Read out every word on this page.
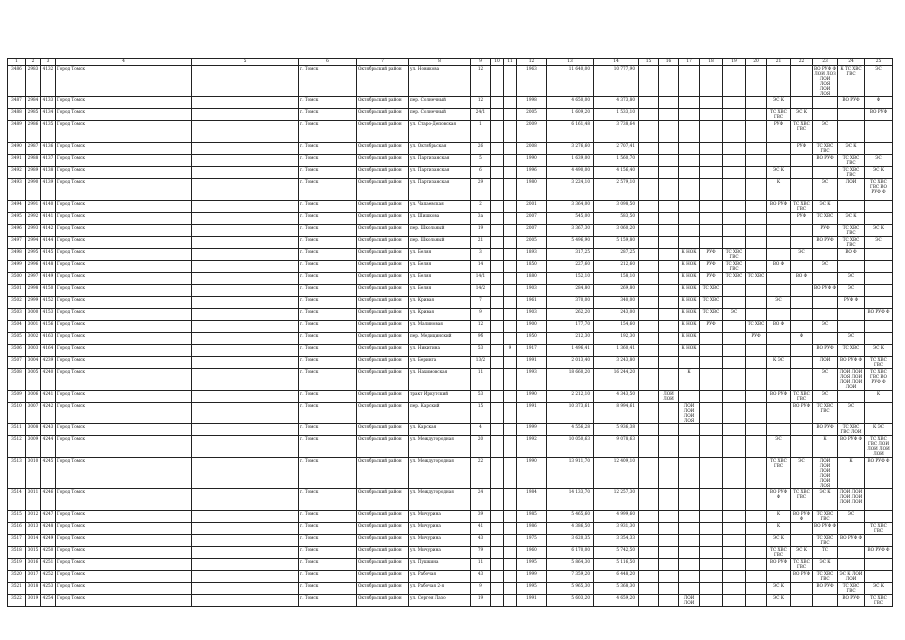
1	2	3	4	5	6	7	8	9	10	11	12	13	14	15	16	17	18	19	20	21	22	23	24	25
3486	2983	4132	Город Томск		г. Томск	Октябрьский район	ул. Новикова	12			1963	11 640,00	10 777,90									ВО РУФ Ф ЛОИ ЛОЗ ЛОИ ЛОЯ ЛОИ ЛОЯ	К ТС ХВС ГВС	ЭС
3487	2984	4133	Город Томск		г. Томск	Октябрьский район	пер. Солнечный	12			1998	4 650,00	4 373,80							ЭС К			ВО РУФ	Ф
3488	2985	4134	Город Томск		г. Томск	Октябрьский район	пер. Солнечный	24/1			2005	1 609,20	1 533,10							ТС ХВС ГВС	ЭС К			ВО РУФ
3489	2986	4135	Город Томск		г. Томск	Октябрьский район	ул. Старо-Деповская	1			2009	6 161,48	3 738,64							РУФ	ТС ХВС ГВС	ЭС		
3490	2987	4136	Город Томск		г. Томск	Октябрьский район	ул. Октябрьская	26			2008	3 276,60	2 707,41								РУФ	ТС ХВС ГВС	ЭС К	
3491	2988	4137	Город Томск		г. Томск	Октябрьский район	ул. Партизанская	5			1990	1 639,00	1 560,70									ВО РУФ	ТС ХВС ГВС	ЭС
3492	2989	4138	Город Томск		г. Томск	Октябрьский район	ул. Партизанская	6			1996	4 490,00	4 156,40							ЭС К			ТС ХВС ГВС	ЭС К
3493	2990	4139	Город Томск		г. Томск	Октябрьский район	ул. Партизанская	29			1980	3 224,10	2 579,10							К		ЭС	ЛОИ	ТС ХВС ГВС ВО РУФ Ф
3494	2991	4140	Город Томск		г. Томск	Октябрьский район	ул. Чапаевская	2			2001	3 364,00	3 098,50							ВО РУФ	ТС ХВС ГВС	ЭС К		
3495	2992	4141	Город Томск		г. Томск	Октябрьский район	ул. Шишкова	3а			2007	545,00	583,50								РУФ	ТС ХВС	ЭС К	
3496	2993	4142	Город Томск		г. Томск	Октябрьский район	пер. Школьный	19			2007	3 367,30	3 060,20									РУФ	ТС ХВС ГВС	ЭС К
3497	2994	4144	Город Томск		г. Томск	Октябрьский район	пер. Школьный	21			2005	5 496,90	5 159,80									ВО РУФ	ТС ХВС ГВС	ЭС
3498	2995	4145	Город Томск		г. Томск	Октябрьский район	ул. Беляя	3			1893	317,25	287,25			К НОК	РУФ	ТС ХВС ГВС			ЭС		ВО Ф	
3499	2996	4148	Город Томск		г. Томск	Октябрьский район	ул. Беляя	14			1850	227,60	212,60			К НОК	РУФ	ТС ХВС ГВС		ВО Ф		ЭС		
3500	2997	4149	Город Томск		г. Томск	Октябрьский район	ул. Беляя	14/1			1880	152,10	158,10			К НОК	РУФ	ТС ХВС	ТС ХВС		ВО Ф		ЭС	
3501	2998	4150	Город Томск		г. Томск	Октябрьский район	ул. Беляя	14/2			1903	284,80	269,80			К НОК	ТС ХВС					ВО РУФ Ф	ЭС	
3502	2999	4152	Город Томск		г. Томск	Октябрьский район	ул. Кривая	7			1961	370,00	340,00			К НОК	ТС ХВС			ЭС			РУФ Ф	
3503	3000	4153	Город Томск		г. Томск	Октябрьский район	ул. Кривая	9			1903	262,20	243,00			К НОК	ТС ХВС	ЭС						ВО РУФ Ф
3504	3001	4156	Город Томск		г. Томск	Октябрьский район	ул. Малиновая	12			1900	177,70	154,60			К НОК	РУФ		ТС ХВС	ВО Ф		ЭС		
3505	3002	4163	Город Томск		г. Томск	Октябрьский район	пер. Медицинский	9б			1950	212,30	192,30			К НОК			РУФ		Ф		ЭС	
3506	3003	4164	Город Томск		г. Томск	Октябрьский район	ул. Никитина	53		9	1917	1 496,41	1 360,41			К НОК						ВО РУФ	ТС ХВС	ЭС К
3507	3004	4239	Город Томск		г. Томск	Октябрьский район	ул. Беринга	13/2			1991	2 013,40	3 243,80							К ЭС		ЛОИ	ВО РУФ Ф	ТС ХВС ГВС
3508	3005	4240	Город Томск		г. Томск	Октябрьский район	ул. Нахимовская	11			1993	18 660,20	16 244,20			К						ЭС	ЛОИ ЛОИ ЛОЯ ЛОИ ЛОИ ЛОИ ЛОИ	ТС ХВС ГВС ВО РУФ Ф
3509	3006	4241	Город Томск		г. Томск	Октябрьский район	тракт Иркутский	53			1990	2 212,10	4 343,50		ЛОИ ЛОИ					ВО РУФ	ТС ХВС ГВС	ЭС		К
3510	3007	4242	Город Томск		г. Томск	Октябрьский район	пер. Карский	15			1991	10 373,61	8 994,61			ЛОИ ЛОИ ЛОИ ЛОЯ					ВО РУФ	ТС ХВС ГВС	ЭС	
3511	3008	4243	Город Томск		г. Томск	Октябрьский район	ул. Карская	4			1999	4 556,28	5 936,38									ВО РУФ	ТС ХВС ГВС ЛОИ	К ЭС
3512	3009	4244	Город Томск		г. Томск	Октябрьский район	ул. Междугородная	20			1992	10 050,63	9 078,63							ЭС		К	ВО РУФ Ф	ТС ХВС ГВС ЛОИ ЛОИ ЛОИ ЛОИ
3513	3010	4245	Город Томск		г. Томск	Октябрьский район	ул. Междугородная	22			1990	13 911,70	12 409,10							ТС ХВС ГВС	ЭС	ЛОИ ЛОИ ЛОИ ЛОИ ЛОИ ЛОЯ	К	ВО РУФ Ф
3514	3011	4246	Город Томск		г. Томск	Октябрьский район	ул. Междугородная	24			1984	14 133,70	12 257,30							ВО РУФ Ф	ТС ХВС ГВС	ЭС К	ЛОИ ЛОИ ЛОИ ЛОИ ЛОИ ЛОИ	
3515	3012	4247	Город Томск		г. Томск	Октябрьский район	ул. Мичурина	39			1985	5 465,60	4 999,60							К	ВО РУФ Ф	ТС ХВС ГВС	ЭС	
3516	3013	4248	Город Томск		г. Томск	Октябрьский район	ул. Мичурина	41			1986	4 386,50	3 931,30							К		ВО РУФ Ф		ТС ХВС ГВС
3517	3014	4249	Город Томск		г. Томск	Октябрьский район	ул. Мичурина	43			1975	3 620,35	3 354,33							ЭС К		ТС ХВС ГВС	ВО РУФ Ф	
3518	3015	4250	Город Томск		г. Томск	Октябрьский район	ул. Мичурина	79			1960	6 170,00	5 742,50							ТС ХВС ГВС	ЭС К	ТС		ВО РУФ Ф
3519	3016	4251	Город Томск		г. Томск	Октябрьский район	ул. Пушкина	11			1995	5 864,30	5 116,50							ВО РУФ	ТС ХВС ГВС	ЭС К		
3520	3017	4252	Город Томск		г. Томск	Октябрьский район	ул. Рабочая	43			1999	7 359,20	6 448,20								ВО РУФ	ТС ХВС ГВС	ЭС К ЛОИ ЛОИ	
3521	3018	4253	Город Томск		г. Томск	Октябрьский район	ул. Рабочая 2-я	9			1995	5 965,30	5 368,30							ЭС К		ВО РУФ	ТС ХВС ГВС	ЭС К
3522	3019	4254	Город Томск		г. Томск	Октябрьский район	ул. Сергея Лазо	19			1991	5 603,20	4 659,20			ЛОИ ЛОИ				ЭС К			ВО РУФ	ТС ХВС ГВС
